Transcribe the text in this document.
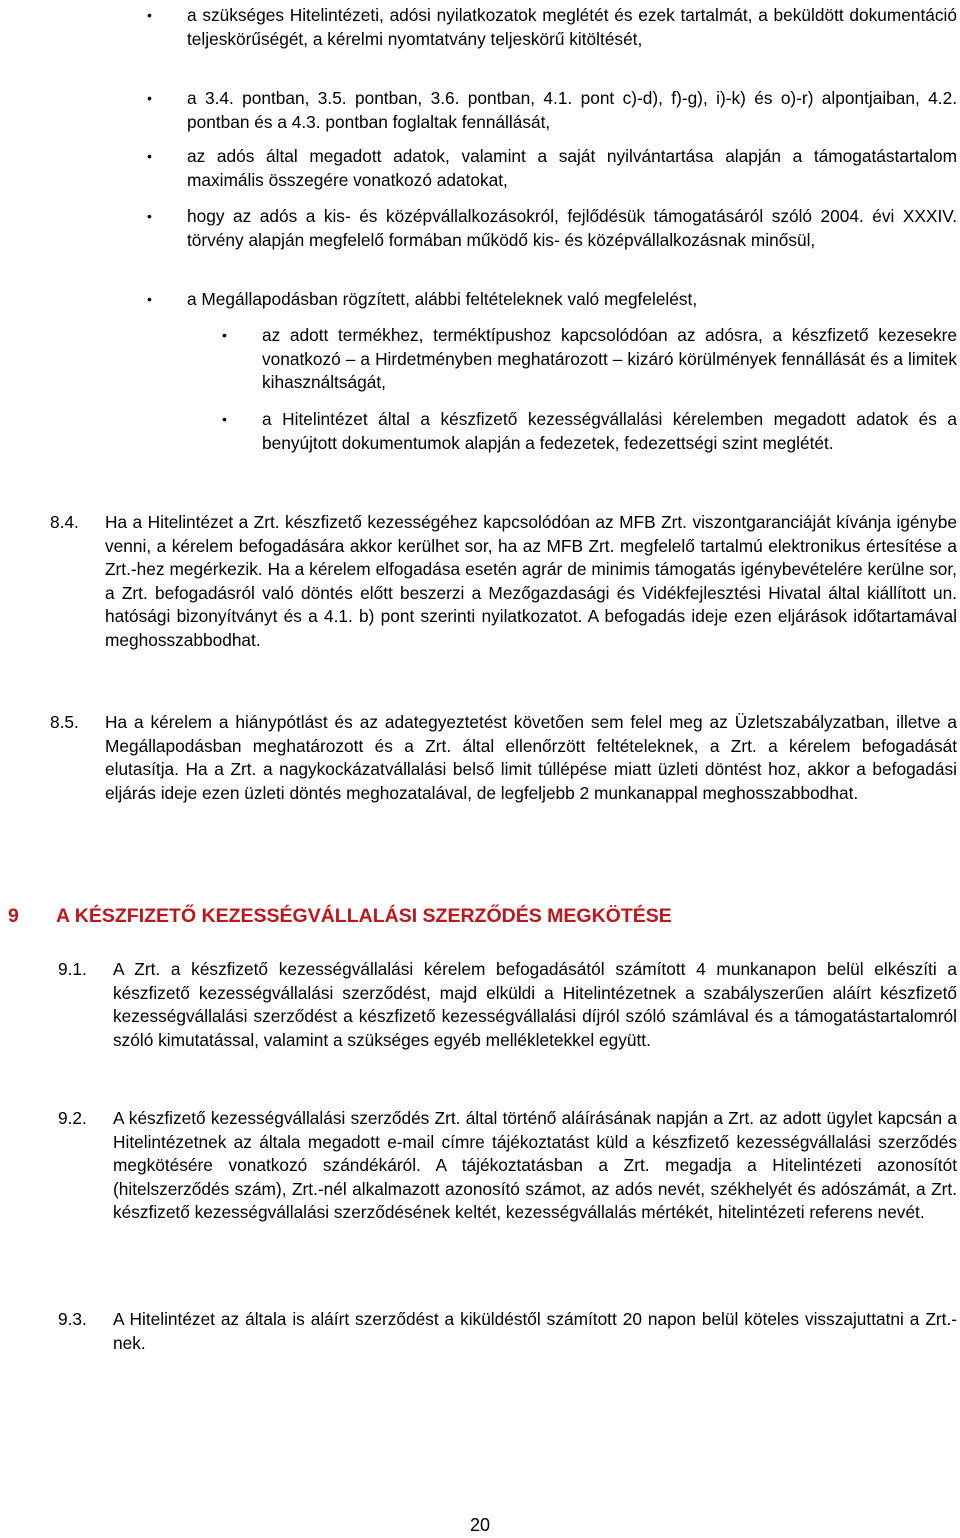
• a szükséges Hitelintézeti, adósi nyilatkozatok meglétét és ezek tartalmát, a beküldött dokumentáció teljeskörűségét, a kérelmi nyomtatvány teljeskörű kitöltését,

• a 3.4. pontban, 3.5. pontban, 3.6. pontban, 4.1. pont c)-d), f)-g), i)-k) és o)-r) alpontjaiban, 4.2. pontban és a 4.3. pontban foglaltak fennállását,

• az adós által megadott adatok, valamint a saját nyilvántartása alapján a támogatástartalom maximális összegére vonatkozó adatokat,

• hogy az adós a kis- és középvállalkozásokról, fejlődésük támogatásáról szóló 2004. évi XXXIV. törvény alapján megfelelő formában működő kis- és középvállalkozásnak minősül,

• a Megállapodásban rögzített, alábbi feltételeknek való megfelelést,

• az adott termékhez, terméktípushoz kapcsolódóan az adósra, a készfizető kezesekre vonatkozó – a Hirdetményben meghatározott – kizáró körülmények fennállását és a limitek kihasználtságát,

• a Hitelintézet által a készfizető kezességvállalási kérelemben megadott adatok és a benyújtott dokumentumok alapján a fedezetek, fedezettségi szint meglétét.

8.4. Ha a Hitelintézet a Zrt. készfizető kezességéhez kapcsolódóan az MFB Zrt. viszontgaranciáját kívánja igénybe venni, a kérelem befogadására akkor kerülhet sor, ha az MFB Zrt. megfelelő tartalmú elektronikus értesítése a Zrt.-hez megérkezik. Ha a kérelem elfogadása esetén agrár de minimis támogatás igénybevételére kerülne sor, a Zrt. befogadásról való döntés előtt beszerzi a Mezőgazdasági és Vidékfejlesztési Hivatal által kiállított un. hatósági bizonyítványt és a 4.1. b) pont szerinti nyilatkozatot. A befogadás ideje ezen eljárások időtartamával meghosszabbodhat.

8.5. Ha a kérelem a hiánypótlást és az adategyeztetést követően sem felel meg az Üzletszabályzatban, illetve a Megállapodásban meghatározott és a Zrt. által ellenőrzött feltételeknek, a Zrt. a kérelem befogadását elutasítja. Ha a Zrt. a nagykockázatvállalási belső limit túllépése miatt üzleti döntést hoz, akkor a befogadási eljárás ideje ezen üzleti döntés meghozatalával, de legfeljebb 2 munkanappal meghosszabbodhat.

9 A KÉSZFIZETŐ KEZESSÉGVÁLLALÁSI SZERZŐDÉS MEGKÖTÉSE

9.1. A Zrt. a készfizető kezességvállalási kérelem befogadásától számított 4 munkanapon belül elkészíti a készfizető kezességvállalási szerződést, majd elküldi a Hitelintézetnek a szabályszerűen aláírt készfizető kezességvállalási szerződést a készfizető kezességvállalási díjról szóló számlával és a támogatástartalomról szóló kimutatással, valamint a szükséges egyéb mellékletekkel együtt.

9.2. A készfizető kezességvállalási szerződés Zrt. által történő aláírásának napján a Zrt. az adott ügylet kapcsán a Hitelintézetnek az általa megadott e-mail címre tájékoztatást küld a készfizető kezességvállalási szerződés megkötésére vonatkozó szándékáról. A tájékoztatásban a Zrt. megadja a Hitelintézeti azonosítót (hitelszerződés szám), Zrt.-nél alkalmazott azonosító számot, az adós nevét, székhelyét és adószámát, a Zrt. készfizető kezességvállalási szerződésének keltét, kezességvállalás mértékét, hitelintézeti referens nevét.

9.3. A Hitelintézet az általa is aláírt szerződést a kiküldéstől számított 20 napon belül köteles visszajuttatni a Zrt.-nek.

20
